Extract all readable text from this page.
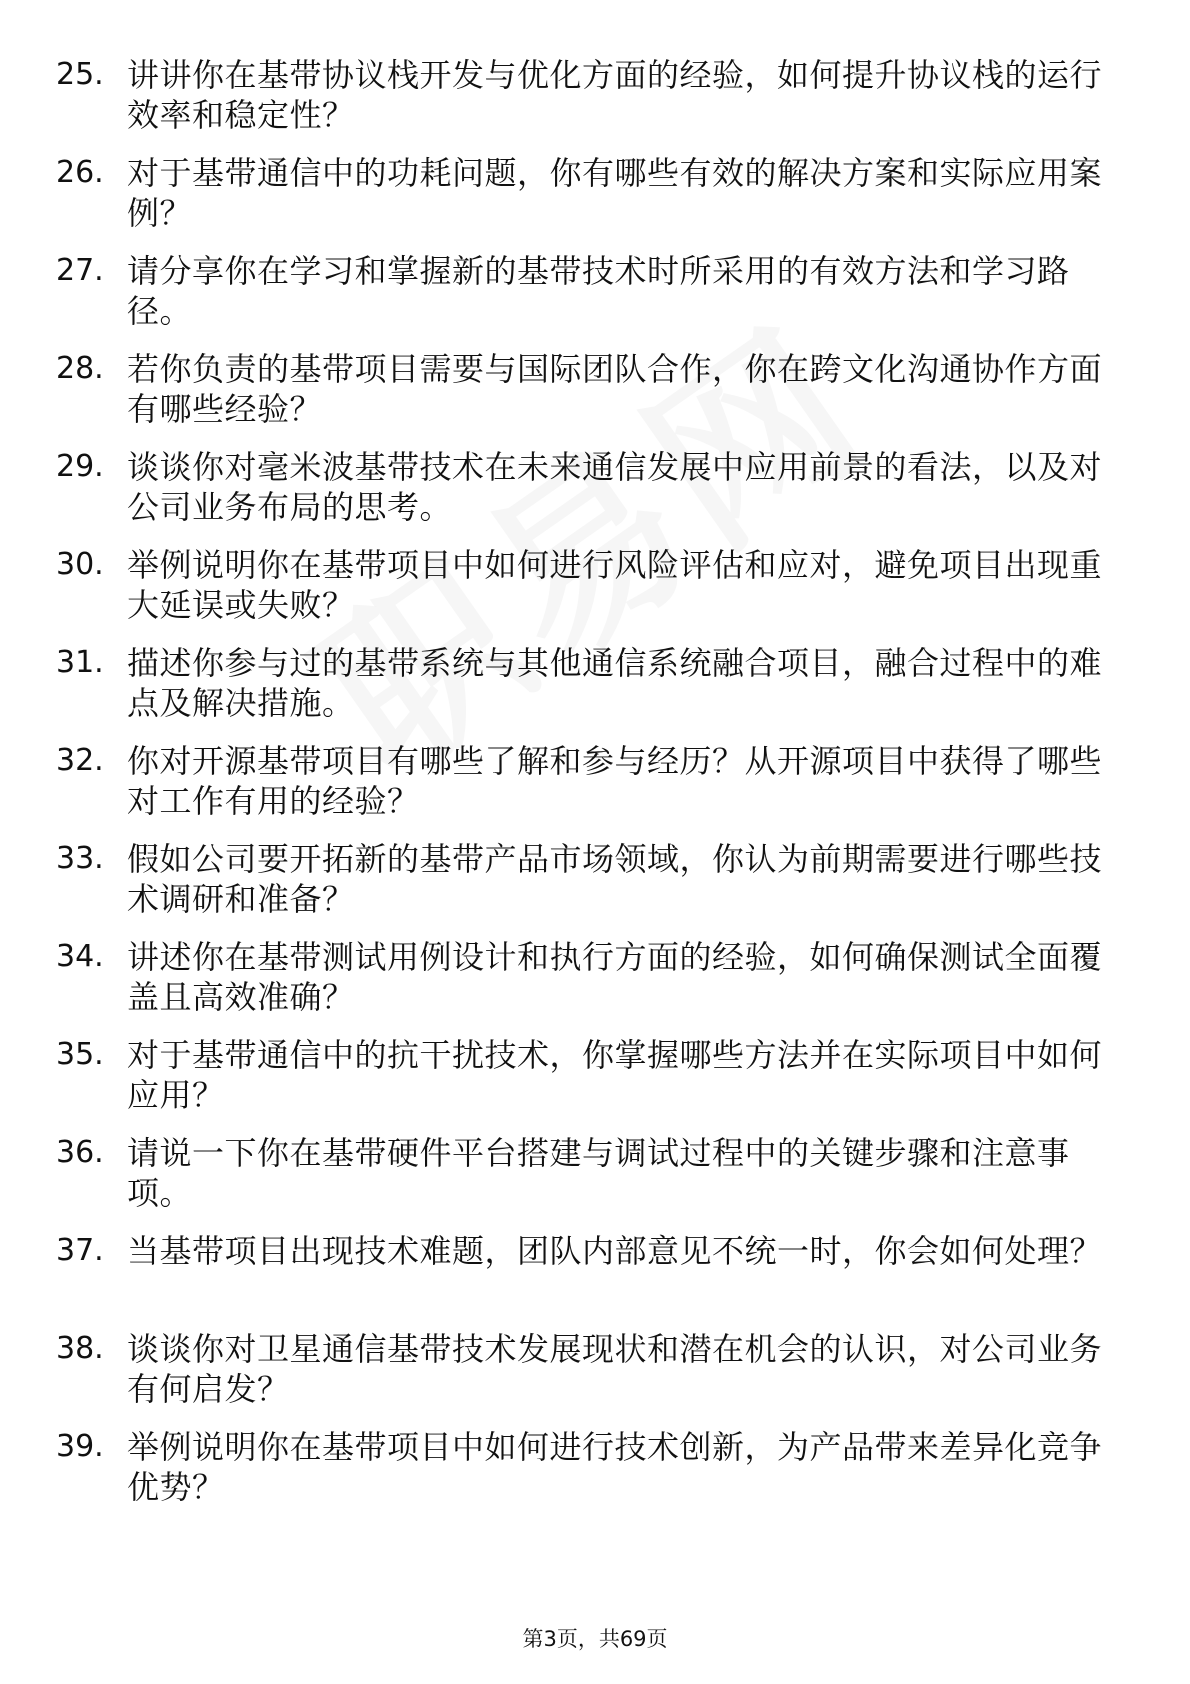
25. 讲讲你在基带协议栈开发与优化方面的经验，如何提升协议栈的运行效率和稳定性？
26. 对于基带通信中的功耗问题，你有哪些有效的解决方案和实际应用案例？
27. 请分享你在学习和掌握新的基带技术时所采用的有效方法和学习路径。
28. 若你负责的基带项目需要与国际团队合作，你在跨文化沟通协作方面有哪些经验？
29. 谈谈你对毫米波基带技术在未来通信发展中应用前景的看法，以及对公司业务布局的思考。
30. 举例说明你在基带项目中如何进行风险评估和应对，避免项目出现重大延误或失败？
31. 描述你参与过的基带系统与其他通信系统融合项目，融合过程中的难点及解决措施。
32. 你对开源基带项目有哪些了解和参与经历？从开源项目中获得了哪些对工作有用的经验？
33. 假如公司要开拓新的基带产品市场领域，你认为前期需要进行哪些技术调研和准备？
34. 讲述你在基带测试用例设计和执行方面的经验，如何确保测试全面覆盖且高效准确？
35. 对于基带通信中的抗干扰技术，你掌握哪些方法并在实际项目中如何应用？
36. 请说一下你在基带硬件平台搭建与调试过程中的关键步骤和注意事项。
37. 当基带项目出现技术难题，团队内部意见不统一时，你会如何处理？
38. 谈谈你对卫星通信基带技术发展现状和潜在机会的认识，对公司业务有何启发？
39. 举例说明你在基带项目中如何进行技术创新，为产品带来差异化竞争优势？
第3页，共69页
